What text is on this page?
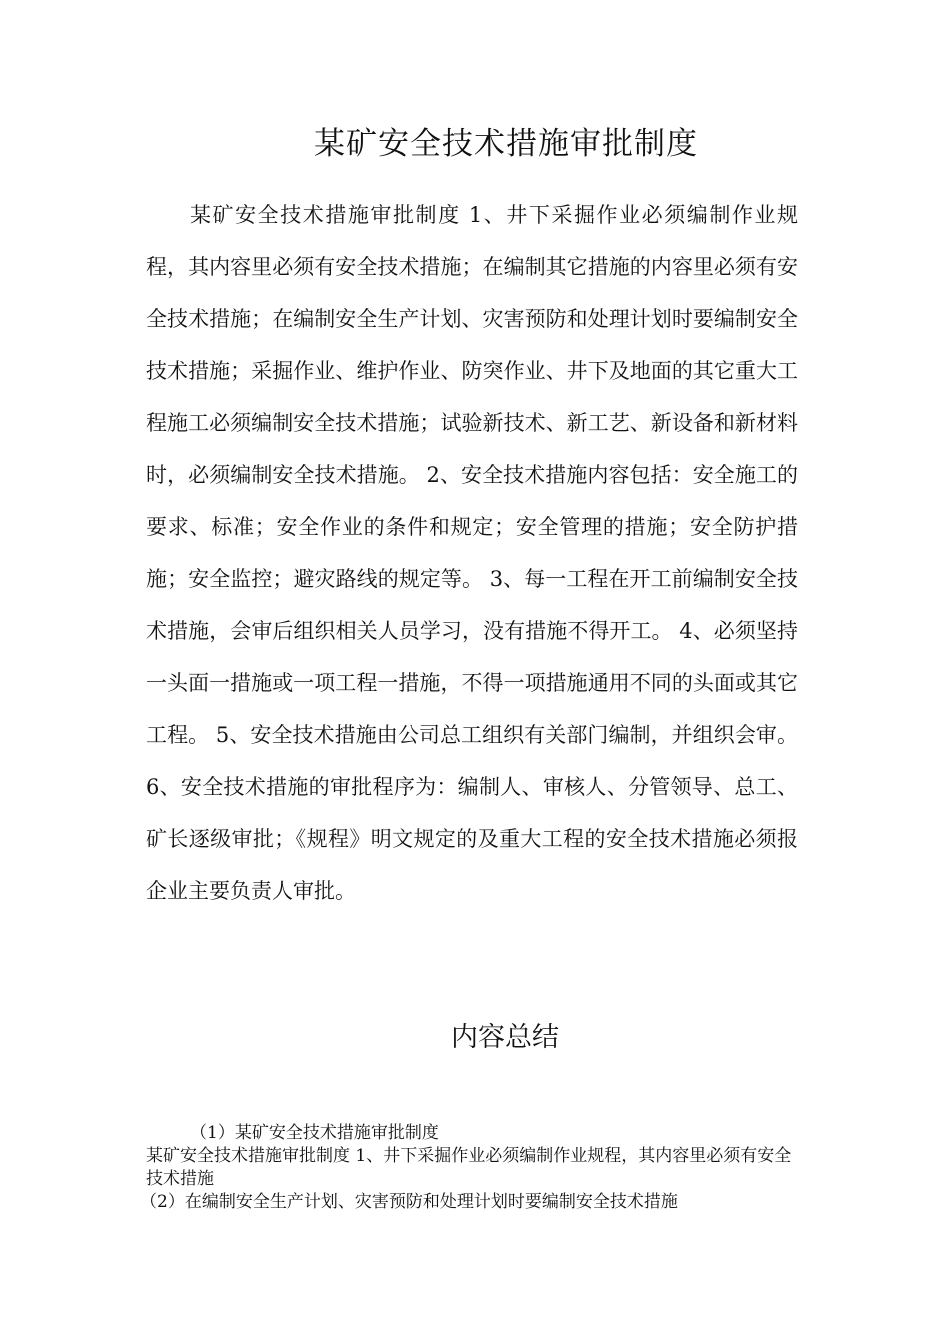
某矿安全技术措施审批制度

某矿安全技术措施审批制度 1、井下采掘作业必须编制作业规程，其内容里必须有安全技术措施；在编制其它措施的内容里必须有安全技术措施；在编制安全生产计划、灾害预防和处理计划时要编制安全技术措施；采掘作业、维护作业、防突作业、井下及地面的其它重大工程施工必须编制安全技术措施；试验新技术、新工艺、新设备和新材料时，必须编制安全技术措施。 2、安全技术措施内容包括：安全施工的要求、标准；安全作业的条件和规定；安全管理的措施；安全防护措施；安全监控；避灾路线的规定等。 3、每一工程在开工前编制安全技术措施，会审后组织相关人员学习，没有措施不得开工。 4、必须坚持一头面一措施或一项工程一措施，不得一项措施通用不同的头面或其它工程。 5、安全技术措施由公司总工组织有关部门编制，并组织会审。 6、安全技术措施的审批程序为：编制人、审核人、分管领导、总工、矿长逐级审批；《规程》明文规定的及重大工程的安全技术措施必须报企业主要负责人审批。

内容总结
（1）某矿安全技术措施审批制度
某矿安全技术措施审批制度 1、井下采掘作业必须编制作业规程，其内容里必须有安全技术措施
（2）在编制安全生产计划、灾害预防和处理计划时要编制安全技术措施
